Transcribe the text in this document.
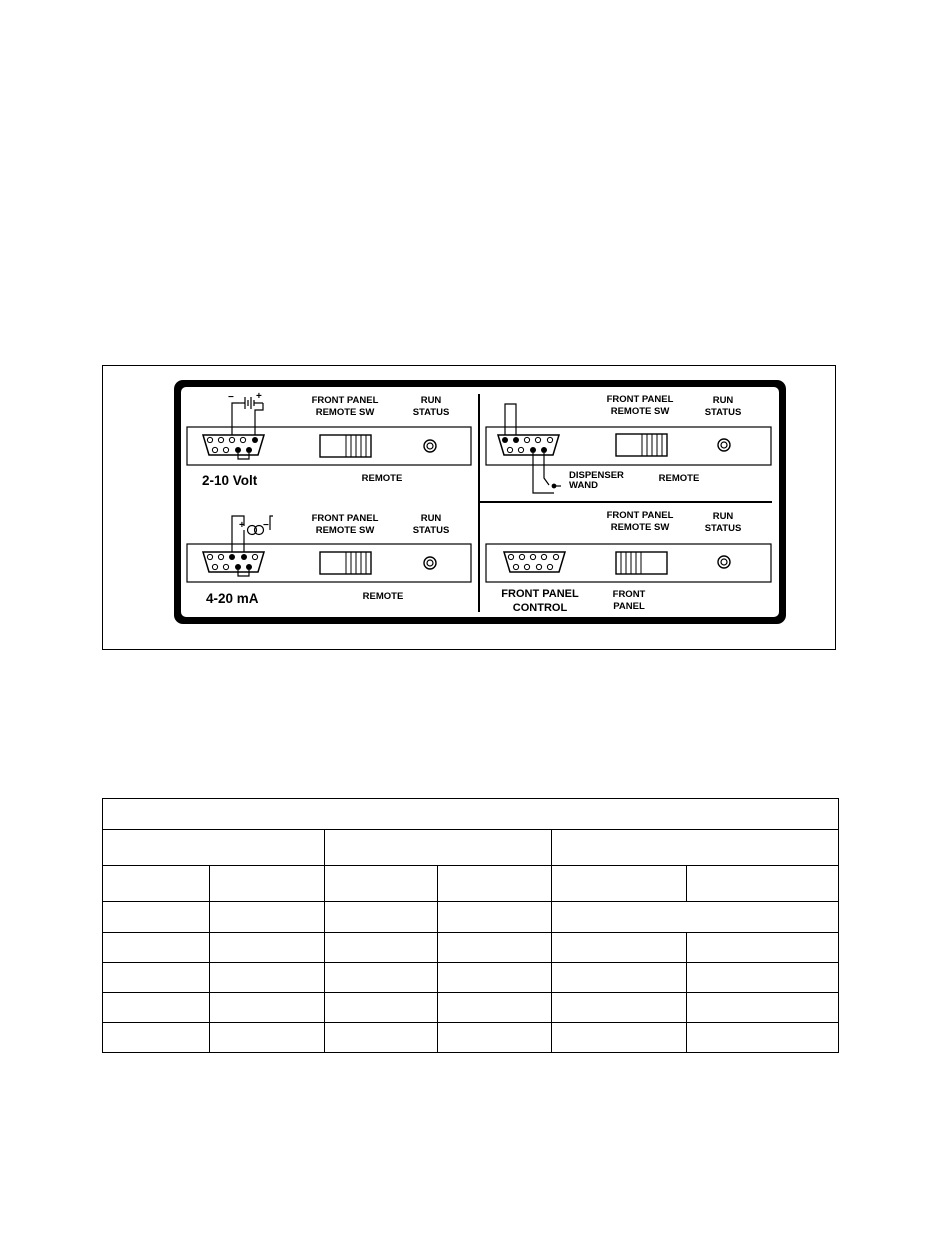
FRONT PANEL
REMOTE SW
RUN
STATUS
− +
2-10 Volt	REMOTE
FRONT PANEL
REMOTE SW
RUN
STATUS
DISPENSER
WAND
REMOTE
FRONT PANEL
REMOTE SW
RUN
STATUS
+ −
4-20 mA	REMOTE
FRONT PANEL
REMOTE SW
RUN
STATUS
FRONT PANEL
CONTROL
FRONT
PANEL
